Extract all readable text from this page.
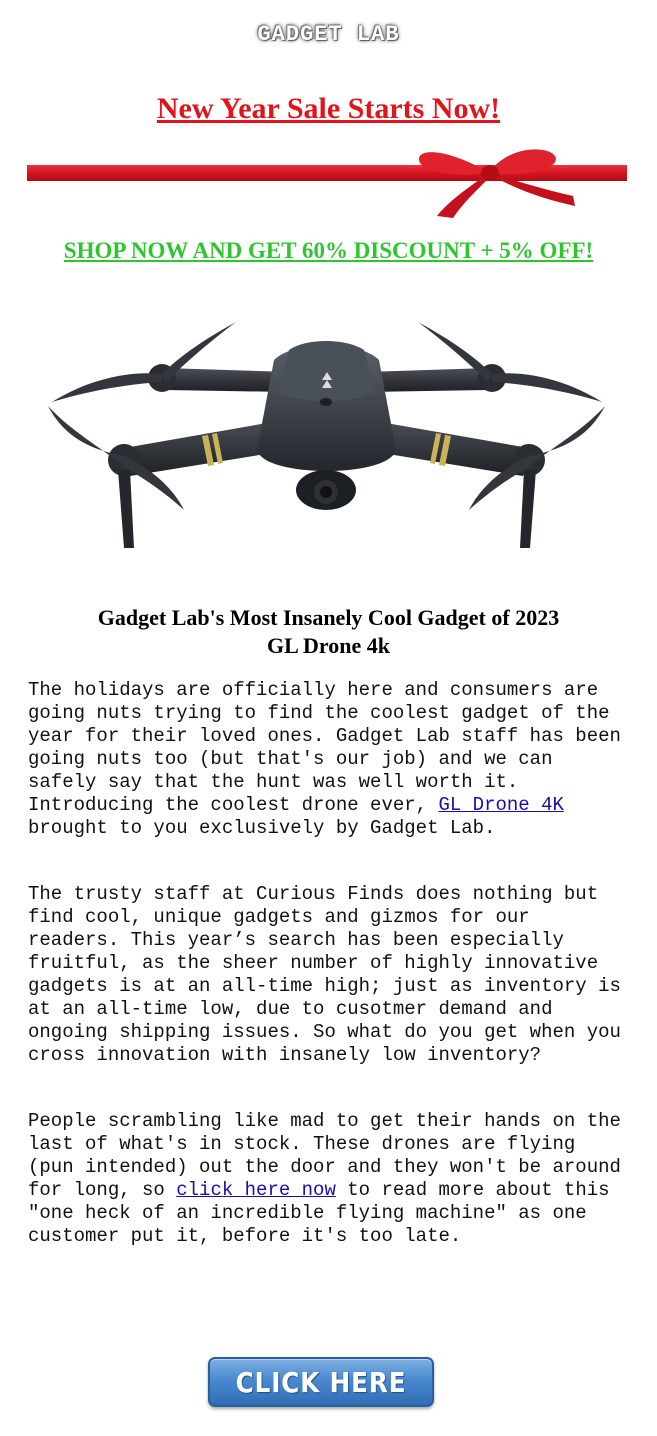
GADGET LAB
New Year Sale Starts Now!
SHOP NOW AND GET 60% DISCOUNT + 5% OFF!
Gadget Lab's Most Insanely Cool Gadget of 2023
GL Drone 4k

The holidays are officially here and consumers are going nuts trying to find the coolest gadget of the year for their loved ones. Gadget Lab staff has been going nuts too (but that's our job) and we can safely say that the hunt was well worth it. Introducing the coolest drone ever, GL Drone 4K brought to you exclusively by Gadget Lab.

The trusty staff at Curious Finds does nothing but find cool, unique gadgets and gizmos for our readers. This year’s search has been especially fruitful, as the sheer number of highly innovative gadgets is at an all-time high; just as inventory is at an all-time low, due to cusotmer demand and ongoing shipping issues. So what do you get when you cross innovation with insanely low inventory?

People scrambling like mad to get their hands on the last of what's in stock. These drones are flying (pun intended) out the door and they won't be around for long, so click here now to read more about this "one heck of an incredible flying machine" as one customer put it, before it's too late.

CLICK HERE
